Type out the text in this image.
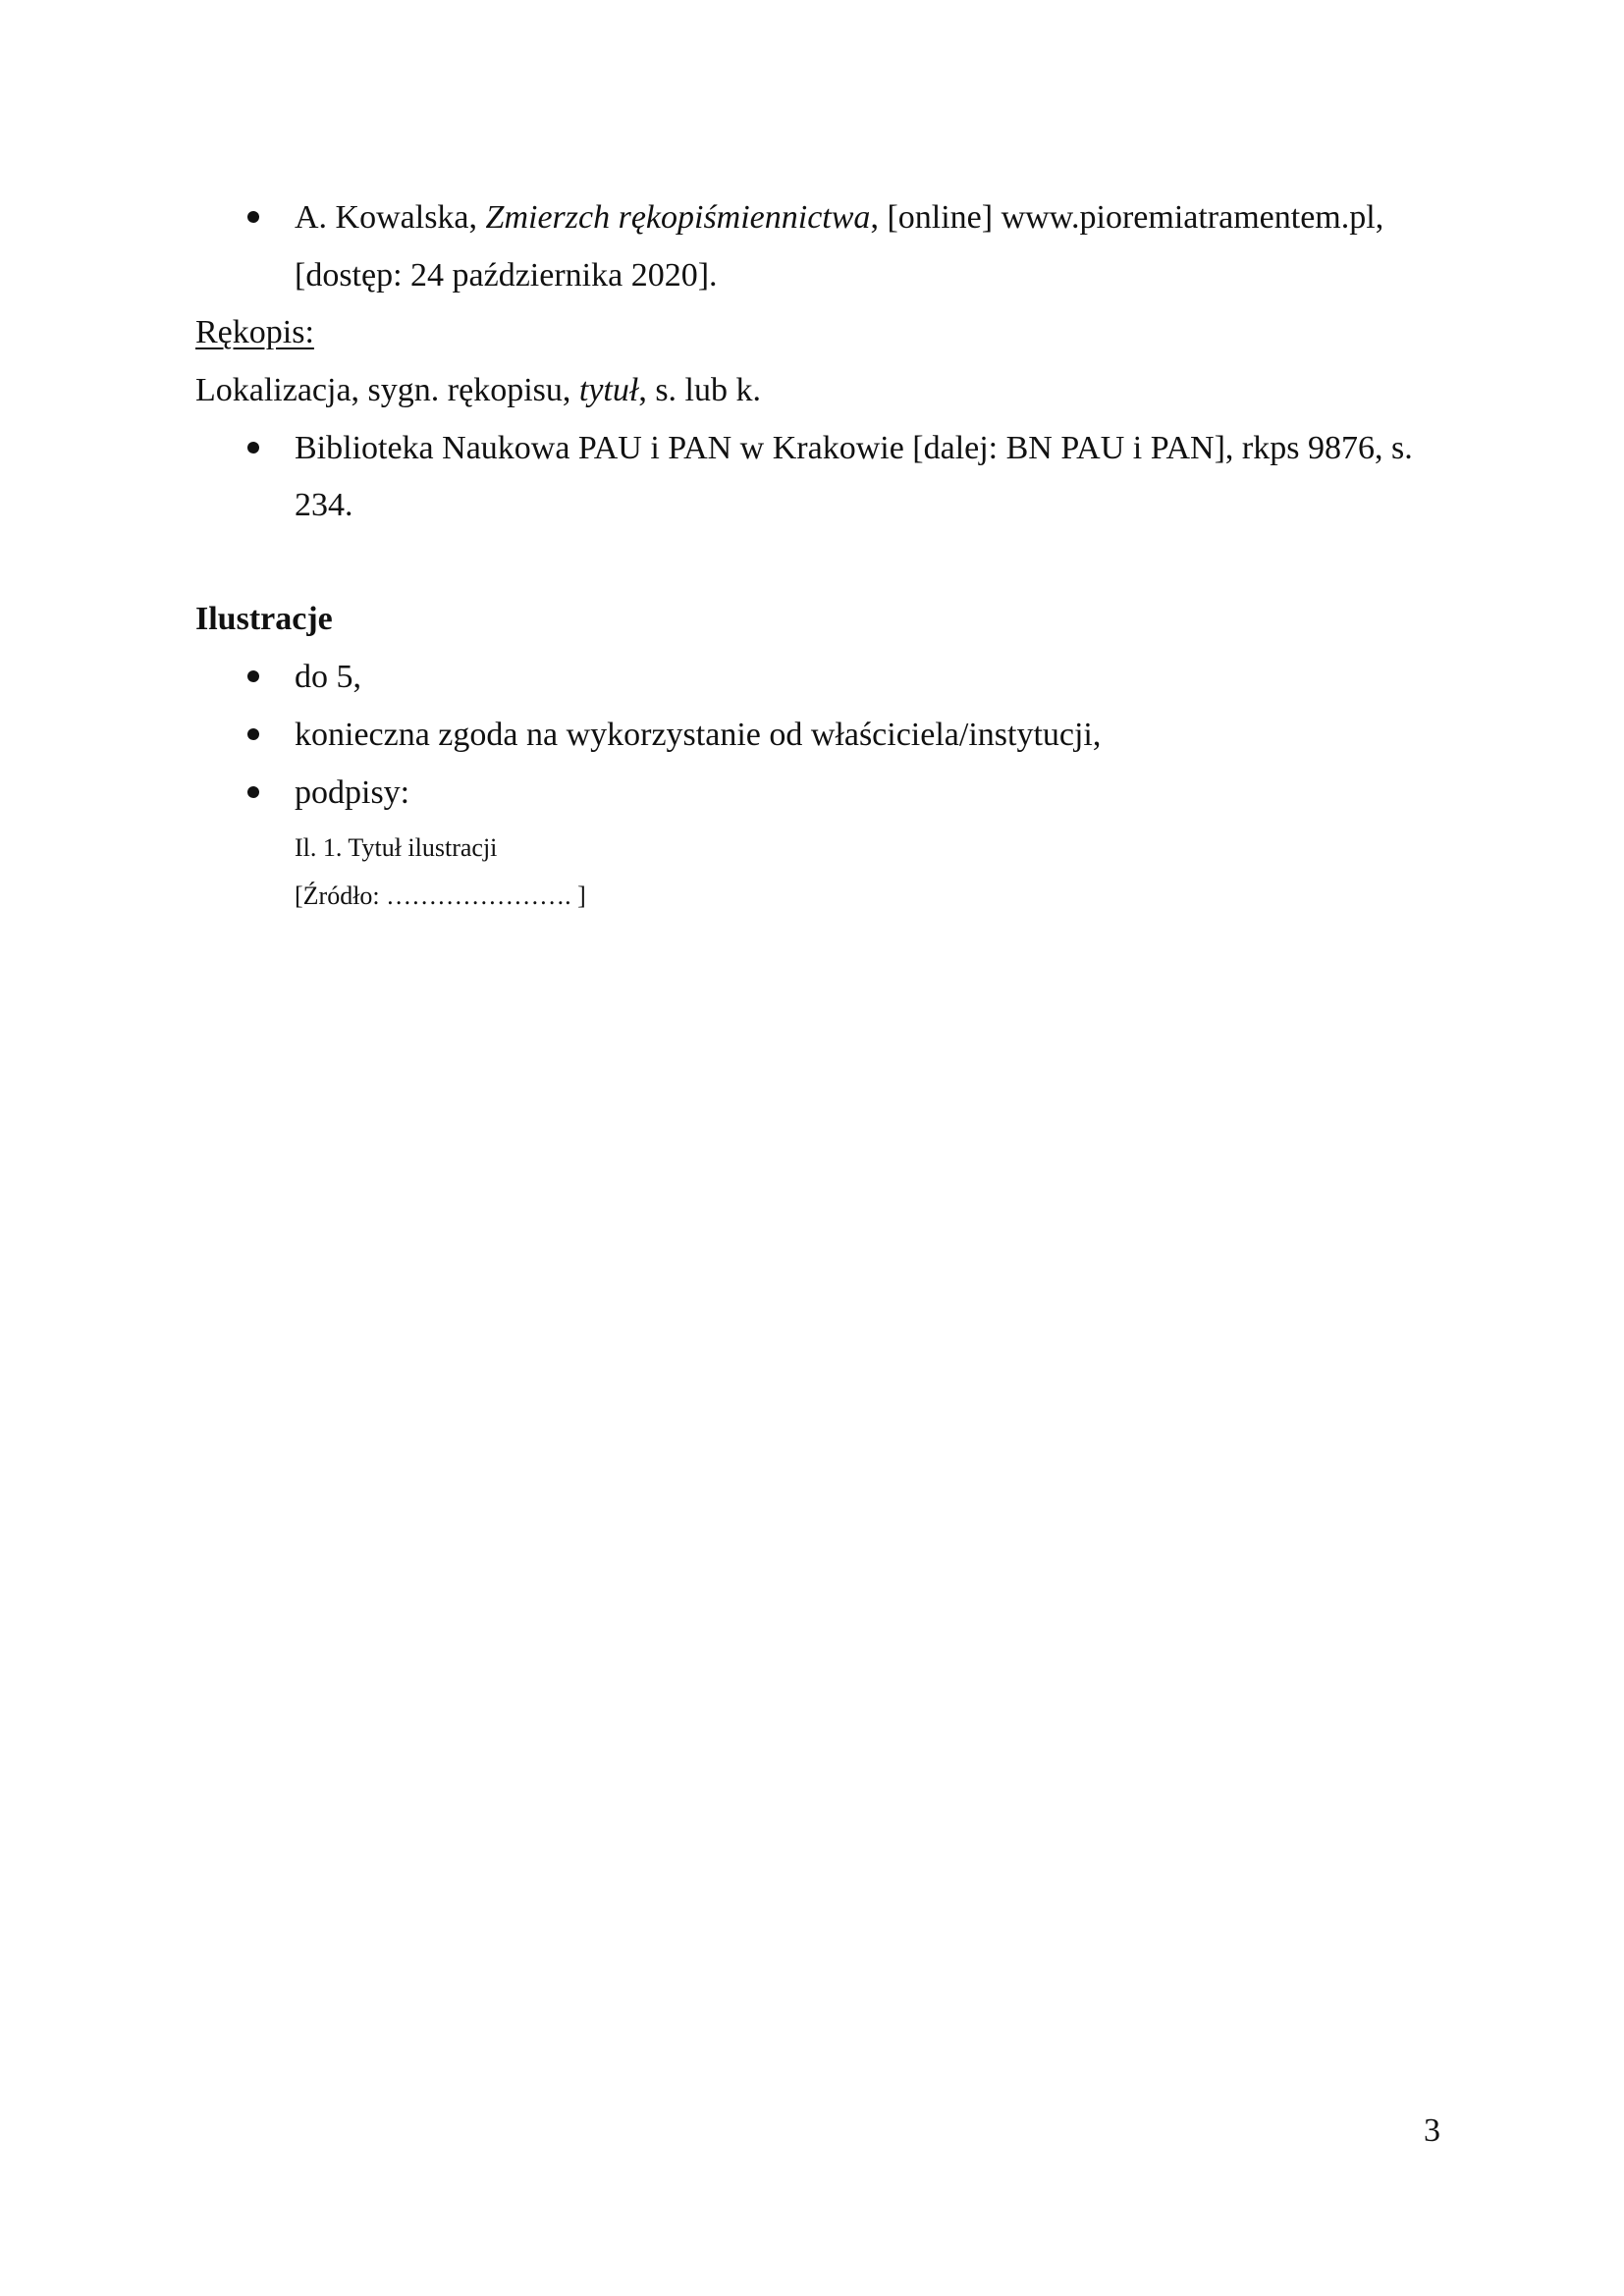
A. Kowalska, Zmierzch rękopiśmiennictwa, [online] www.pioremiatramentem.pl,
[dostęp: 24 października 2020].
Rękopis:
Lokalizacja, sygn. rękopisu, tytuł, s. lub k.
Biblioteka Naukowa PAU i PAN w Krakowie [dalej: BN PAU i PAN], rkps 9876, s.
234.
Ilustracje
do 5,
konieczna zgoda na wykorzystanie od właściciela/instytucji,
podpisy:
Il. 1. Tytuł ilustracji
[Źródło: …………………. ]
3
